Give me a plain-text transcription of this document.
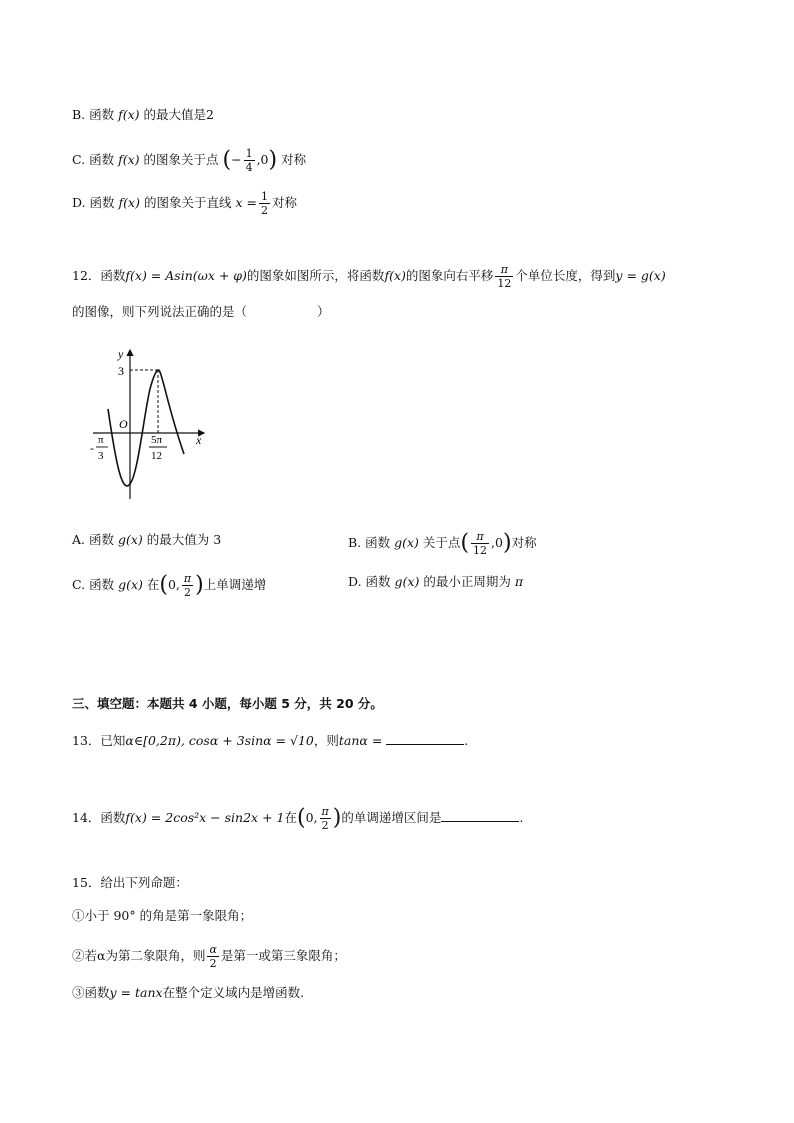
B. 函数 f(x) 的最大值是2
C. 函数 f(x) 的图象关于点 (− $\frac{1}{4} ,0$) 对称
D. 函数 f(x) 的图象关于直线 $x = \frac{1}{2}$ 对称
12．函数f(x) = Asin(ωx + φ)的图象如图所示，将函数f(x)的图象向右平移 $\frac{\pi}{12}$ 个单位长度，得到y = g(x)
的图像，则下列说法正确的是（	）
y
x
O
3
-
π
3
5π
12
A. 函数 g(x) 的最大值为 3	B. 函数 g(x) 关于点( $\frac{\pi}{12} ,0$)对称
C. 函数 g(x) 在(0, $\frac{\pi}{2}$ )上单调递增	D. 函数 g(x) 的最小正周期为 π
三、填空题：本题共 4 小题，每小题 5 分，共 20 分。
13．已知α∈[0,2π), cosα + 3sinα = √10，则tanα =	.
14．函数f(x) = 2cos²x − sin2x + 1在(0, $\frac{\pi}{2}$ )的单调递增区间是	.
15．给出下列命题：
①小于 90° 的角是第一象限角；
②若α为第二象限角，则 $\frac{\alpha}{2}$ 是第一或第三象限角；
③函数y = tanx在整个定义域内是增函数.
